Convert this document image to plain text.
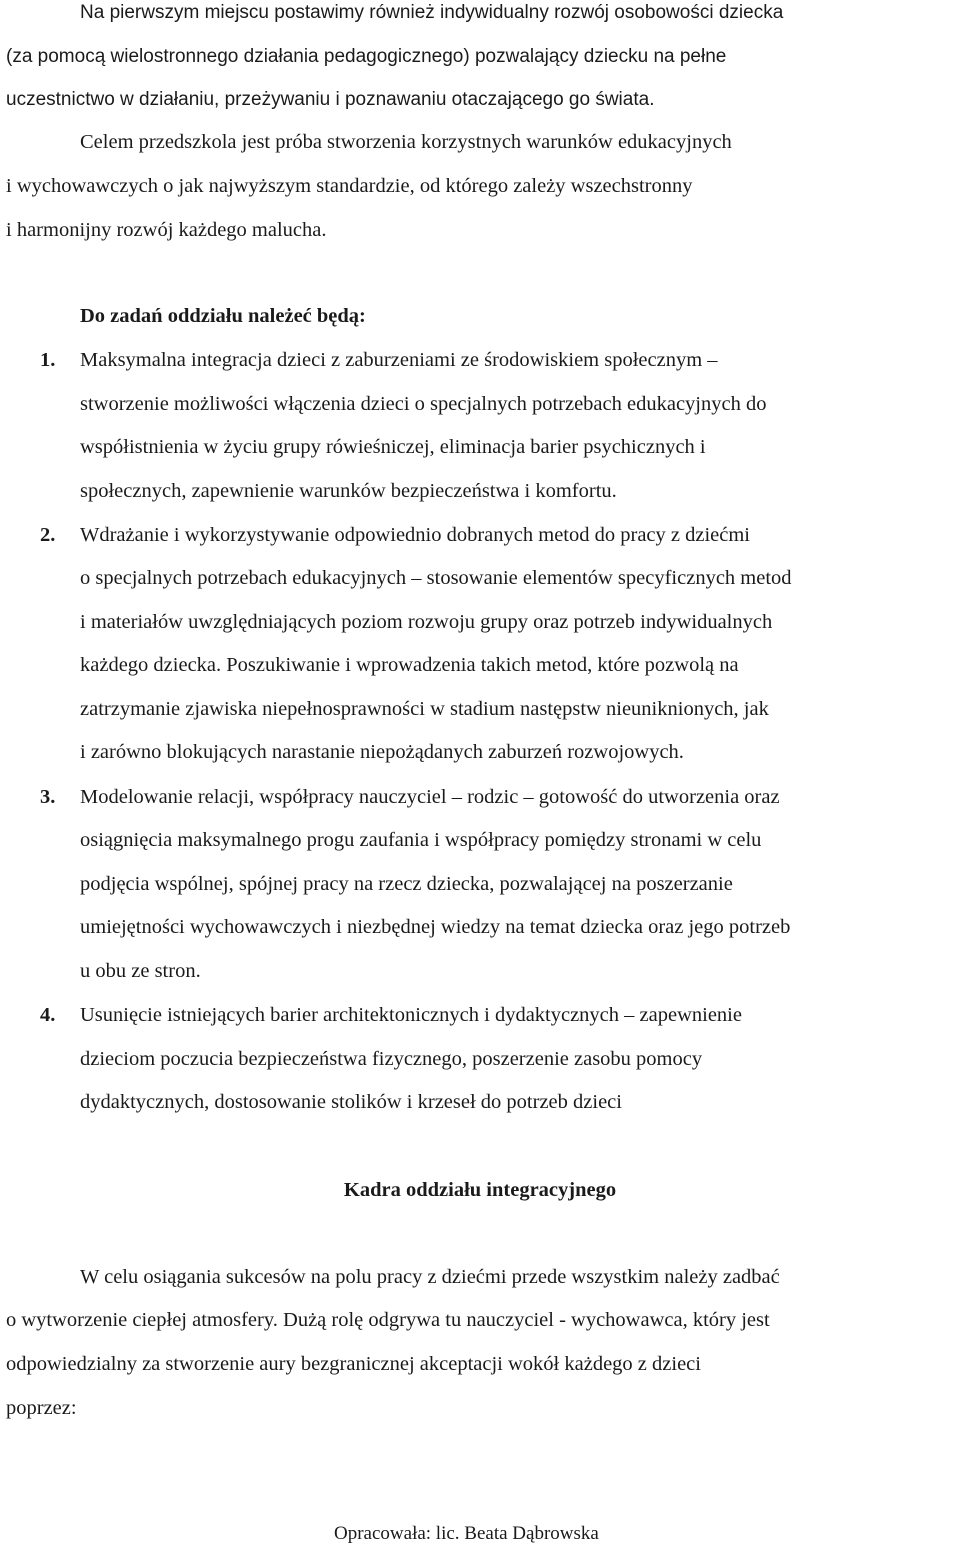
Na pierwszym miejscu postawimy również indywidualny rozwój osobowości dziecka
(za pomocą wielostronnego działania pedagogicznego) pozwalający dziecku na pełne
uczestnictwo w działaniu, przeżywaniu i poznawaniu otaczającego go świata.
Celem przedszkola jest próba stworzenia korzystnych warunków edukacyjnych
i wychowawczych o jak najwyższym standardzie, od którego zależy wszechstronny
i harmonijny rozwój każdego malucha.
Do zadań oddziału należeć będą:
1. Maksymalna integracja dzieci z zaburzeniami ze środowiskiem społecznym –
stworzenie możliwości włączenia dzieci o specjalnych potrzebach edukacyjnych do
współistnienia w życiu grupy rówieśniczej, eliminacja barier psychicznych i
społecznych, zapewnienie warunków bezpieczeństwa i komfortu.
2. Wdrażanie i wykorzystywanie odpowiednio dobranych metod do pracy z dziećmi
o specjalnych potrzebach edukacyjnych – stosowanie elementów specyficznych metod
i materiałów uwzględniających poziom rozwoju grupy oraz potrzeb indywidualnych
każdego dziecka. Poszukiwanie i wprowadzenia takich metod, które pozwolą na
zatrzymanie zjawiska niepełnosprawności w stadium następstw nieuniknionych, jak
i zarówno blokujących narastanie niepożądanych zaburzeń rozwojowych.
3. Modelowanie relacji, współpracy nauczyciel – rodzic – gotowość do utworzenia oraz
osiągnięcia maksymalnego progu zaufania i współpracy pomiędzy stronami w celu
podjęcia wspólnej, spójnej pracy na rzecz dziecka, pozwalającej na poszerzanie
umiejętności wychowawczych i niezbędnej wiedzy na temat dziecka oraz jego potrzeb
u obu ze stron.
4. Usunięcie istniejących barier architektonicznych i dydaktycznych – zapewnienie
dzieciom poczucia bezpieczeństwa fizycznego, poszerzenie zasobu pomocy
dydaktycznych, dostosowanie stolików i krzeseł do potrzeb dzieci
Kadra oddziału integracyjnego
W celu osiągania sukcesów na polu pracy z dziećmi przede wszystkim należy zadbać
o wytworzenie ciepłej atmosfery. Dużą rolę odgrywa tu nauczyciel - wychowawca, który jest
odpowiedzialny za stworzenie aury bezgranicznej akceptacji wokół każdego z dzieci
poprzez:
Opracowała: lic. Beata Dąbrowska
